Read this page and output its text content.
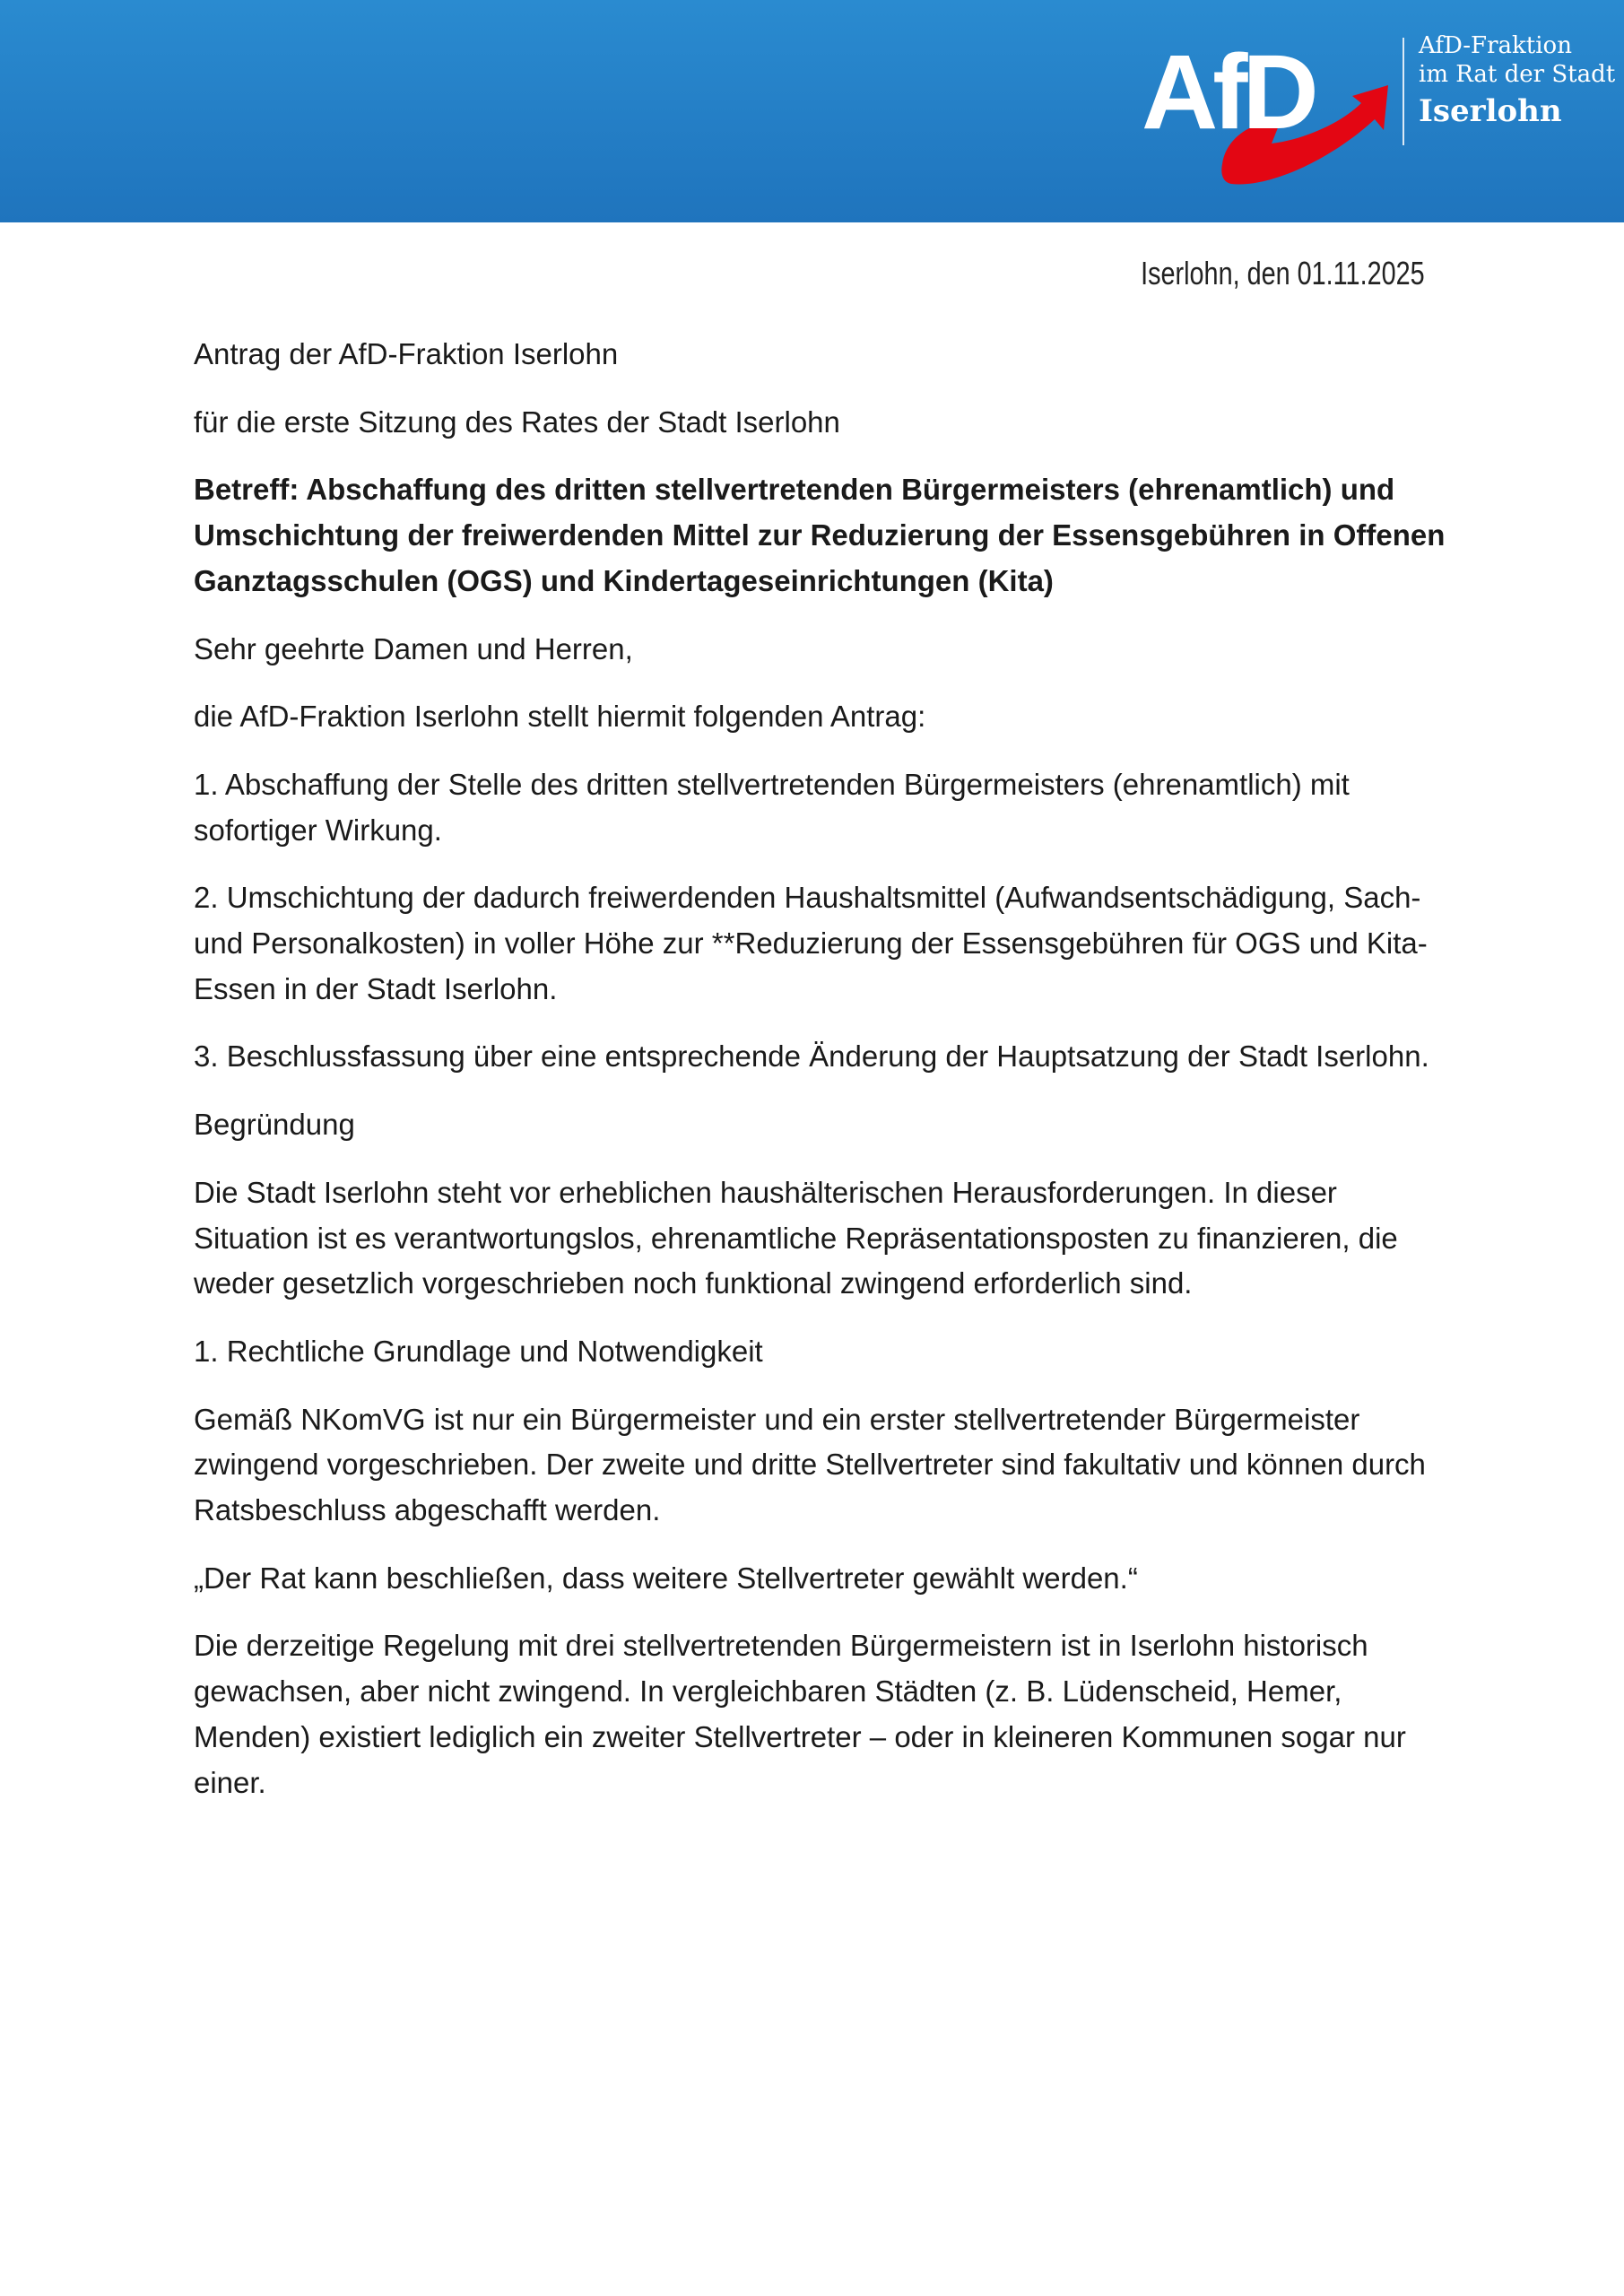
AfD	AfD-Fraktion
im Rat der Stadt
Iserlohn
Iserlohn, den 01.11.2025

Antrag der AfD-Fraktion Iserlohn

für die erste Sitzung des Rates der Stadt Iserlohn

Betreff: Abschaffung des dritten stellvertretenden Bürgermeisters (ehrenamtlich) und Umschichtung der freiwerdenden Mittel zur Reduzierung der Essensgebühren in Offenen Ganztagsschulen (OGS) und Kindertageseinrichtungen (Kita)

Sehr geehrte Damen und Herren,

die AfD-Fraktion Iserlohn stellt hiermit folgenden Antrag:

1. Abschaffung der Stelle des dritten stellvertretenden Bürgermeisters (ehrenamtlich) mit sofortiger Wirkung.

2. Umschichtung der dadurch freiwerdenden Haushaltsmittel (Aufwandsentschädigung, Sach- und Personalkosten) in voller Höhe zur **Reduzierung der Essensgebühren für OGS und Kita-Essen in der Stadt Iserlohn.

3. Beschlussfassung über eine entsprechende Änderung der Hauptsatzung der Stadt Iserlohn.

Begründung

Die Stadt Iserlohn steht vor erheblichen haushälterischen Herausforderungen. In dieser Situation ist es verantwortungslos, ehrenamtliche Repräsentationsposten zu finanzieren, die weder gesetzlich vorgeschrieben noch funktional zwingend erforderlich sind.

1. Rechtliche Grundlage und Notwendigkeit

Gemäß NKomVG ist nur ein Bürgermeister und ein erster stellvertretender Bürgermeister zwingend vorgeschrieben. Der zweite und dritte Stellvertreter sind fakultativ und können durch Ratsbeschluss abgeschafft werden.

„Der Rat kann beschließen, dass weitere Stellvertreter gewählt werden.“

Die derzeitige Regelung mit drei stellvertretenden Bürgermeistern ist in Iserlohn historisch gewachsen, aber nicht zwingend. In vergleichbaren Städten (z. B. Lüdenscheid, Hemer, Menden) existiert lediglich ein zweiter Stellvertreter – oder in kleineren Kommunen sogar nur einer.
